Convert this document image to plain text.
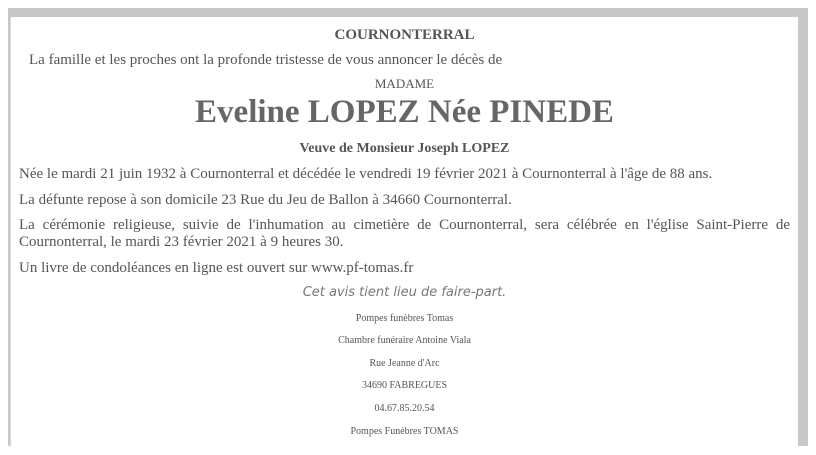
COURNONTERRAL
La famille et les proches ont la profonde tristesse de vous annoncer le décès de
MADAME
Eveline LOPEZ Née PINEDE
Veuve de Monsieur Joseph LOPEZ
Née le mardi 21 juin 1932 à Cournonterral et décédée le vendredi 19 février 2021 à Cournonterral à l'âge de 88 ans.
La défunte repose à son domicile 23 Rue du Jeu de Ballon à 34660 Cournonterral.
La cérémonie religieuse, suivie de l'inhumation au cimetière de Cournonterral, sera célébrée en l'église Saint-Pierre de Cournonterral, le mardi 23 février 2021 à 9 heures 30.
Un livre de condoléances en ligne est ouvert sur www.pf-tomas.fr
Cet avis tient lieu de faire-part.
Pompes funèbres Tomas
Chambre funéraire Antoine Viala
Rue Jeanne d'Arc
34690 FABREGUES
04.67.85.20.54
Pompes Funèbres TOMAS
